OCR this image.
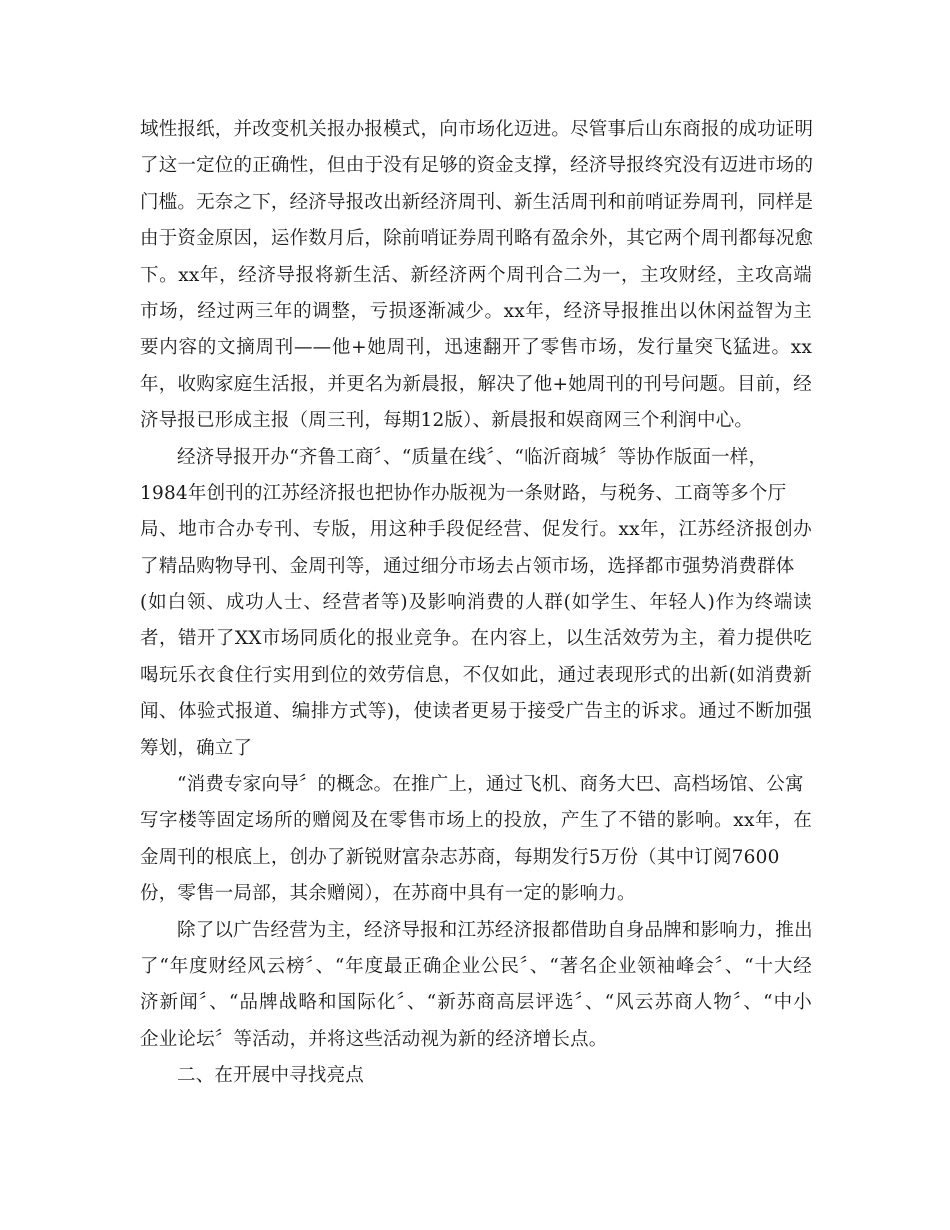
域性报纸，并改变机关报办报模式，向市场化迈进。尽管事后山东商报的成功证明
了这一定位的正确性，但由于没有足够的资金支撑，经济导报终究没有迈进市场的
门槛。无奈之下，经济导报改出新经济周刊、新生活周刊和前哨证券周刊，同样是
由于资金原因，运作数月后，除前哨证券周刊略有盈余外，其它两个周刊都每况愈
下。xx年，经济导报将新生活、新经济两个周刊合二为一，主攻财经，主攻高端
市场，经过两三年的调整，亏损逐渐减少。xx年，经济导报推出以休闲益智为主
要内容的文摘周刊——他+她周刊，迅速翻开了零售市场，发行量突飞猛进。xx
年，收购家庭生活报，并更名为新晨报，解决了他+她周刊的刊号问题。目前，经
济导报已形成主报（周三刊，每期12版）、新晨报和娱商网三个利润中心。
经济导报开办“齐鲁工商〞、“质量在线〞、“临沂商城〞等协作版面一样，
1984年创刊的江苏经济报也把协作办版视为一条财路，与税务、工商等多个厅
局、地市合办专刊、专版，用这种手段促经营、促发行。xx年，江苏经济报创办
了精品购物导刊、金周刊等，通过细分市场去占领市场，选择都市强势消费群体
(如白领、成功人士、经营者等)及影响消费的人群(如学生、年轻人)作为终端读
者，错开了XX市场同质化的报业竞争。在内容上，以生活效劳为主，着力提供吃
喝玩乐衣食住行实用到位的效劳信息，不仅如此，通过表现形式的出新(如消费新
闻、体验式报道、编排方式等)，使读者更易于接受广告主的诉求。通过不断加强
筹划，确立了
“消费专家向导〞的概念。在推广上，通过飞机、商务大巴、高档场馆、公寓
写字楼等固定场所的赠阅及在零售市场上的投放，产生了不错的影响。xx年，在
金周刊的根底上，创办了新锐财富杂志苏商，每期发行5万份（其中订阅7600
份，零售一局部，其余赠阅），在苏商中具有一定的影响力。
除了以广告经营为主，经济导报和江苏经济报都借助自身品牌和影响力，推出
了“年度财经风云榜〞、“年度最正确企业公民〞、“著名企业领袖峰会〞、“十大经
济新闻〞、“品牌战略和国际化〞、“新苏商高层评选〞、“风云苏商人物〞、“中小
企业论坛〞等活动，并将这些活动视为新的经济增长点。
二、在开展中寻找亮点
